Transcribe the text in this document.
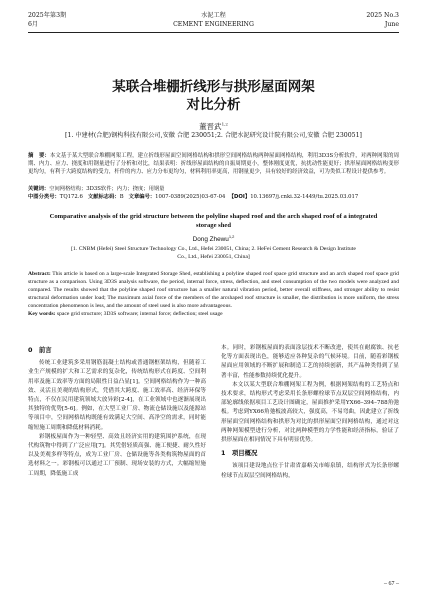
2025年第3期
6月
水泥工程
CEMENT ENGINEERING
2025 No.3
June
某联合堆棚折线形与拱形屋面网架
对比分析
董晋武$^{1,2}$
[1. 中建材(合肥)钢构科技有限公司,安徽 合肥 230051;2. 合肥水泥研究设计院有限公司,安徽 合肥 230051]
摘　要：本文基于某大型联合堆棚网架工程，建立折线形屋面空间网格结构和拱形空间网格结构两种屋面网格结构，利用3D3S分析软件，对两种网架的周期、内力、应力、挠度和用钢量进行了分析和对比，结果表明：折线形屋面结构的自振周期更小，整体刚度更优，抗扰动性能更好；拱形屋面网格结构变形更均匀，有利于大跨度结构的受力，杆件的内力、应力分布更均匀，材料利用率更高，用钢量更少，具有较好的经济效益，可为类似工程设计提供参考。
关键词：空间网格结构；3D3S软件；内力；挠度；用钢量
中图分类号：TQ172.6 文献标志码：B 文章编号：1007-0389(2025)03-67-04 【DOI】10.13697/j.cnki.32-1449/tu.2025.03.017
Comparative analysis of the grid structure between the polyline shaped roof and the arch shaped roof of a integrated storage shed
Dong Zhewu$^{1,2}$
[1. CNBM (Hefei) Steel Structure Technology Co., Ltd., Hefei 230051, China; 2. HeFei Cement Research & Design Institute Co., Ltd., Hefei 230051, China]
Abstract: This article is based on a large-scale Integrated Storage Shed, establishing a polyline shaped roof space grid structure and an arch shaped roof space grid structure as a comparison. Using 3D3S analysis software, the period, internal force, stress, deflection, and steel consumption of the two models were analyzed and compared. The results showed that the polyline shaped roof structure has a smaller natural vibration period, better overall stiffness, and stronger ability to resist structural deformation under load; The maximum axial force of the members of the arcshaped roof structure is smaller, the distribution is more uniform, the stress concentration phenomenon is less, and the amount of steel used is also more advantageous.
Key words: space grid structure; 3D3S software; internal force; deflection; steel usage
0　前言

传统工业建筑多采用钢筋混凝土结构或普通钢框架结构，但随着工业生产规模的扩大和工艺需求的复杂化，传统结构形式在跨度、空间利用率及施工效率等方面的局限性日益凸显[1]。空间网格结构作为一种高效、灵活且美观的结构形式，凭借其大跨度、施工效率高、经济环保等特点，不仅在民用建筑领域大放异彩[2-4]，在工业领域中也逐渐展现出其独特的优势[5-6]。例如，在大型工业厂房、物流仓储设施以及能源站等项目中，空间网格结构既能有效满足大空间、高净空的需求，同时能缩短施工周期和降低材料消耗。

彩钢板屋面作为一种轻型、高效且经济实用的建筑围护系统，在现代构筑物中得到了广泛应用[7]。其凭借轻质高强、施工便捷、耐久性好以及美观多样等特点，成为工业厂房、仓储设施等各类构筑物屋面的首选材料之一。彩钢板可以通过工厂预制、现场安装的方式，大幅缩短施工周期，降低施工成

本。同时，彩钢板屋面的表面涂层技术不断改进，使其在耐腐蚀、抗老化等方面表现出色，能够适应各种复杂的气候环境。目前，随着彩钢板屋面应用领域的不断扩展和制造工艺的持续创新，其产品种类得到了显著丰富，性能参数持续优化提升。

本文以某大型联合堆棚网架工程为例，根据网架结构的工艺特点和技术要求，结构形式考虑采用长条形螺栓球节点双层空间网格结构，内部轮廓线依据项目工艺设计图确定，屋面推护采用YX66–394–788角弛板。考虑到YX66角弛板波高较大，强度高，不易弯曲，因此建立了折线形屋面空间网格结构和拱形为对比的拱形屋面空间网格结构，通过对这两种网架模型进行分析，对比两种模型的力学性能和经济指标，验证了拱形屋面在相同情况下具有明显优势。

1　项目概况

该项目建设地点位于甘肃省嘉峪关市峪泉镇，结构形式为长条形螺栓球节点双层空间网格结构，

– 67 –
